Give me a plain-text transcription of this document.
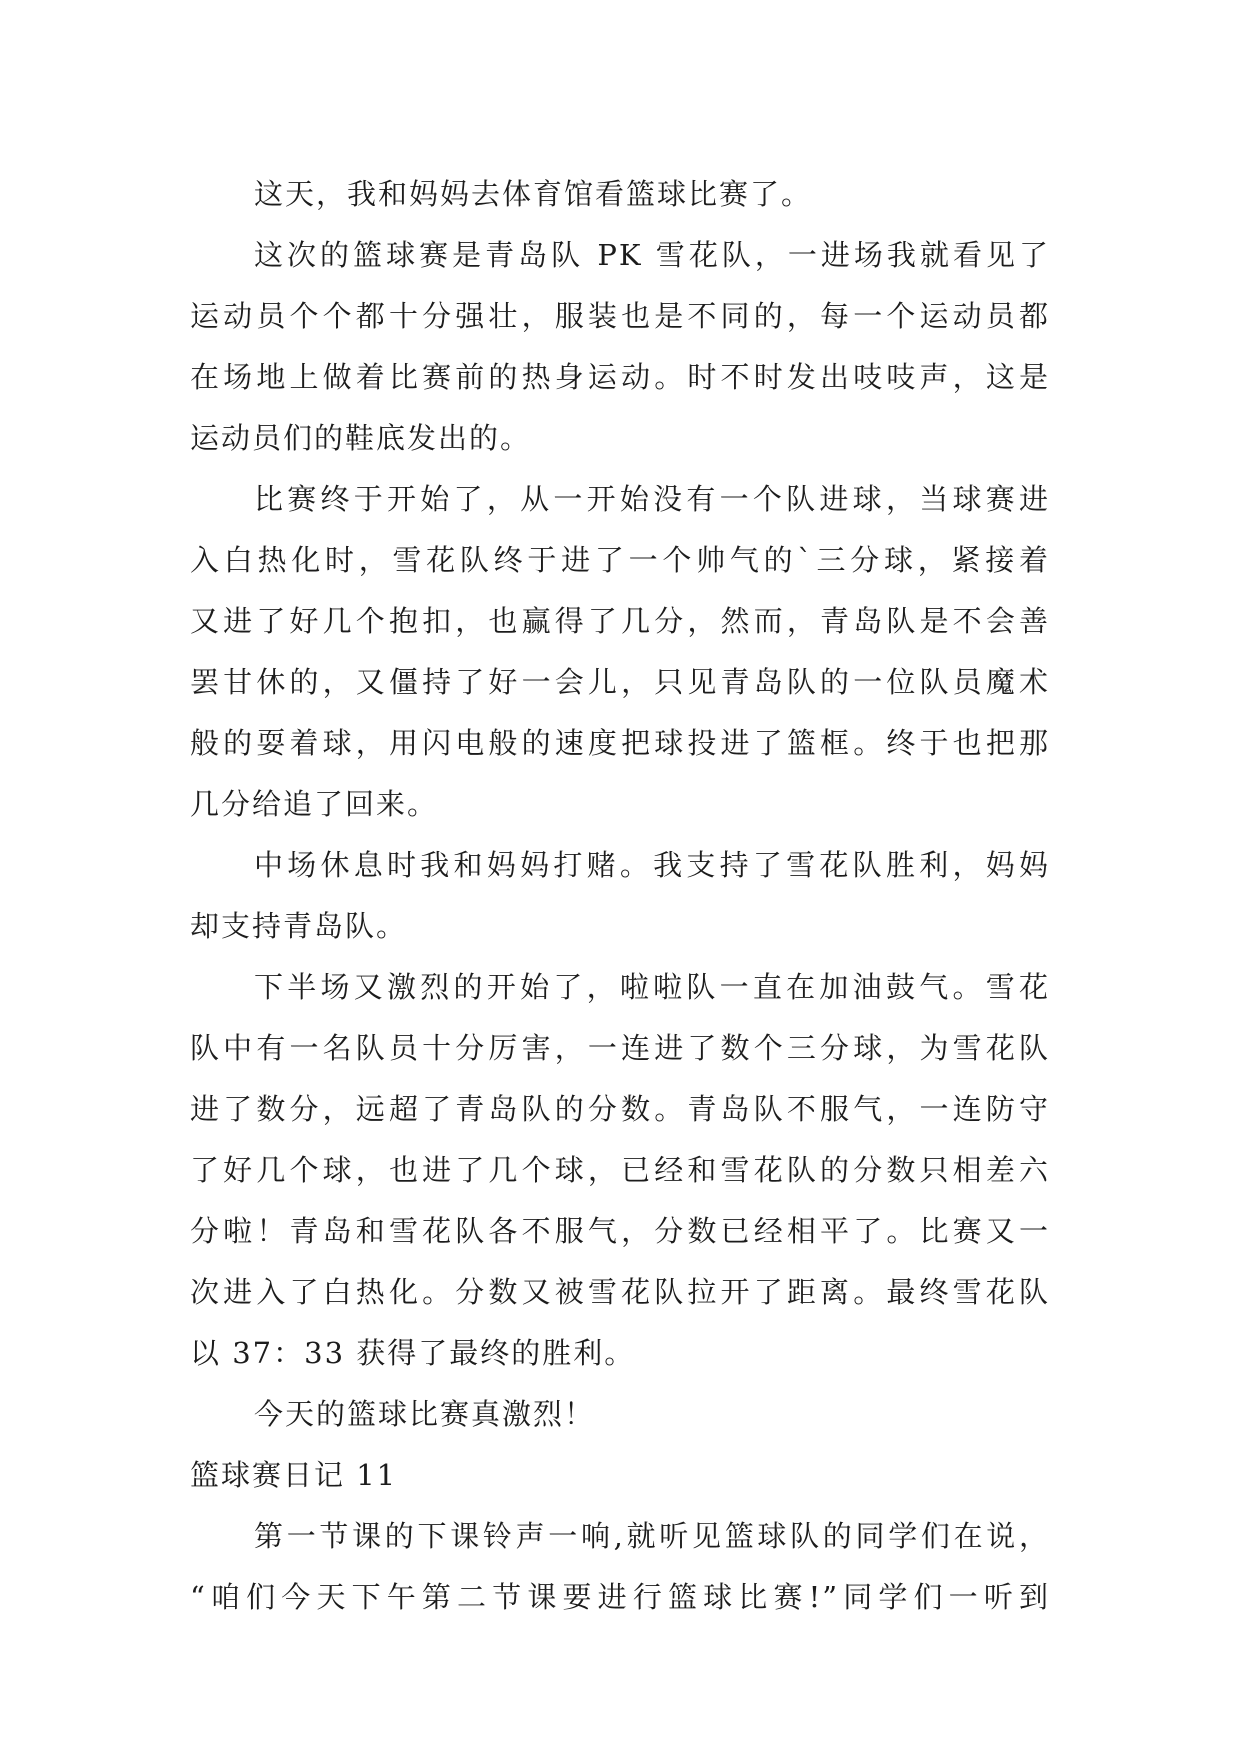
这天，我和妈妈去体育馆看篮球比赛了。
这次的篮球赛是青岛队 PK 雪花队，一进场我就看见了
运动员个个都十分强壮，服装也是不同的，每一个运动员都
在场地上做着比赛前的热身运动。时不时发出吱吱声，这是
运动员们的鞋底发出的。
比赛终于开始了，从一开始没有一个队进球，当球赛进
入白热化时，雪花队终于进了一个帅气的`三分球，紧接着
又进了好几个抱扣，也赢得了几分，然而，青岛队是不会善
罢甘休的，又僵持了好一会儿，只见青岛队的一位队员魔术
般的耍着球，用闪电般的速度把球投进了篮框。终于也把那
几分给追了回来。
中场休息时我和妈妈打赌。我支持了雪花队胜利，妈妈
却支持青岛队。
下半场又激烈的开始了，啦啦队一直在加油鼓气。雪花
队中有一名队员十分厉害，一连进了数个三分球，为雪花队
进了数分，远超了青岛队的分数。青岛队不服气，一连防守
了好几个球，也进了几个球，已经和雪花队的分数只相差六
分啦！青岛和雪花队各不服气，分数已经相平了。比赛又一
次进入了白热化。分数又被雪花队拉开了距离。最终雪花队
以 37：33 获得了最终的胜利。
今天的篮球比赛真激烈！
篮球赛日记 11
第一节课的下课铃声一响,就听见篮球队的同学们在说，
“咱们今天下午第二节课要进行篮球比赛!”同学们一听到
